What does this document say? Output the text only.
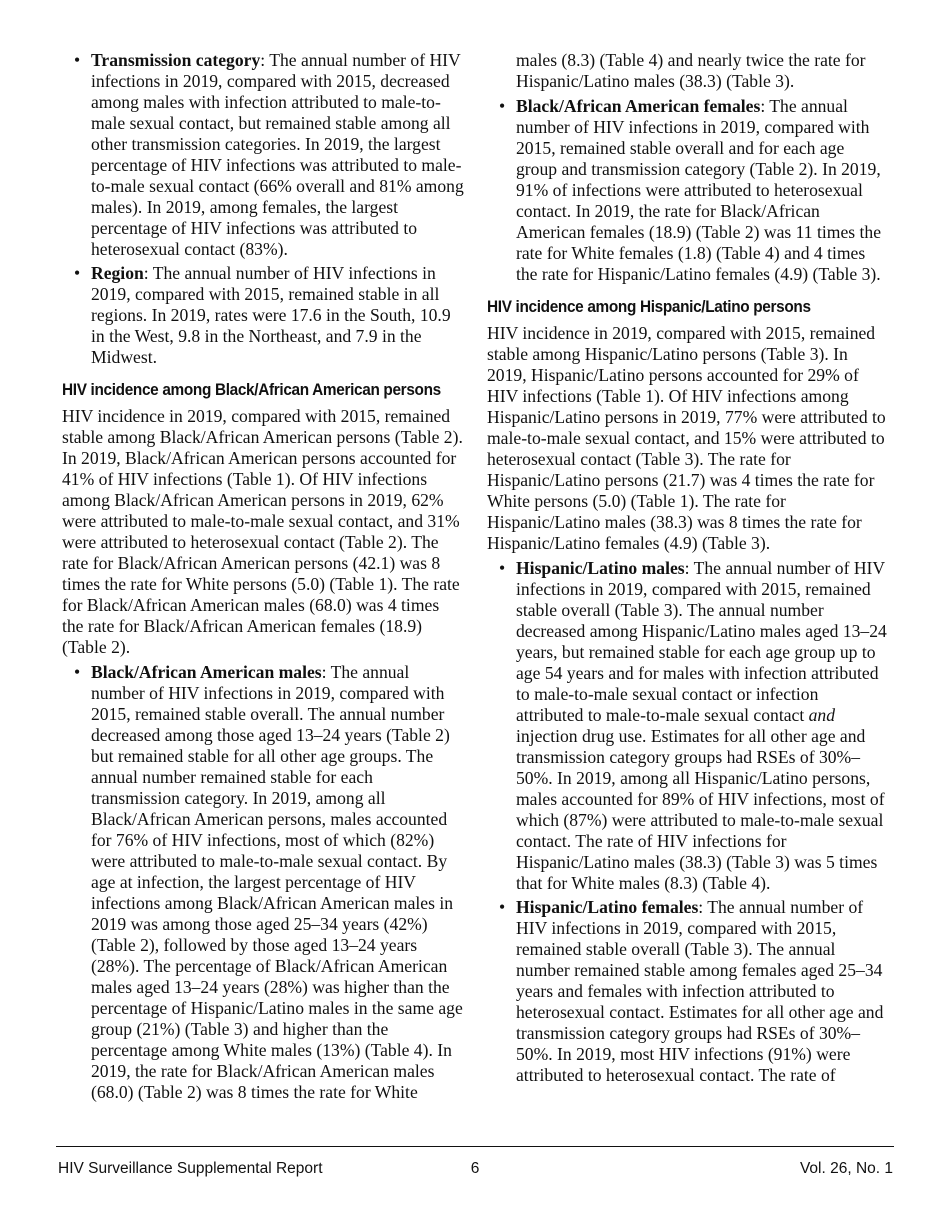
• Transmission category: The annual number of HIV infections in 2019, compared with 2015, decreased among males with infection attributed to male-to-male sexual contact, but remained stable among all other transmission categories. In 2019, the largest percentage of HIV infections was attributed to male-to-male sexual contact (66% overall and 81% among males). In 2019, among females, the largest percentage of HIV infections was attributed to heterosexual contact (83%).
• Region: The annual number of HIV infections in 2019, compared with 2015, remained stable in all regions. In 2019, rates were 17.6 in the South, 10.9 in the West, 9.8 in the Northeast, and 7.9 in the Midwest.
HIV incidence among Black/African American persons

HIV incidence in 2019, compared with 2015, remained stable among Black/African American persons (Table 2). In 2019, Black/African American persons accounted for 41% of HIV infections (Table 1). Of HIV infections among Black/African American persons in 2019, 62% were attributed to male-to-male sexual contact, and 31% were attributed to heterosexual contact (Table 2). The rate for Black/African American persons (42.1) was 8 times the rate for White persons (5.0) (Table 1). The rate for Black/African American males (68.0) was 4 times the rate for Black/African American females (18.9) (Table 2).

• Black/African American males: The annual number of HIV infections in 2019, compared with 2015, remained stable overall. The annual number decreased among those aged 13–24 years (Table 2) but remained stable for all other age groups. The annual number remained stable for each transmission category. In 2019, among all Black/African American persons, males accounted for 76% of HIV infections, most of which (82%) were attributed to male-to-male sexual contact. By age at infection, the largest percentage of HIV infections among Black/African American males in 2019 was among those aged 25–34 years (42%) (Table 2), followed by those aged 13–24 years (28%). The percentage of Black/African American males aged 13–24 years (28%) was higher than the percentage of Hispanic/Latino males in the same age group (21%) (Table 3) and higher than the percentage among White males (13%) (Table 4). In 2019, the rate for Black/African American males (68.0) (Table 2) was 8 times the rate for White

males (8.3) (Table 4) and nearly twice the rate for Hispanic/Latino males (38.3) (Table 3).

• Black/African American females: The annual number of HIV infections in 2019, compared with 2015, remained stable overall and for each age group and transmission category (Table 2). In 2019, 91% of infections were attributed to heterosexual contact. In 2019, the rate for Black/African American females (18.9) (Table 2) was 11 times the rate for White females (1.8) (Table 4) and 4 times the rate for Hispanic/Latino females (4.9) (Table 3).
HIV incidence among Hispanic/Latino persons

HIV incidence in 2019, compared with 2015, remained stable among Hispanic/Latino persons (Table 3). In 2019, Hispanic/Latino persons accounted for 29% of HIV infections (Table 1). Of HIV infections among Hispanic/Latino persons in 2019, 77% were attributed to male-to-male sexual contact, and 15% were attributed to heterosexual contact (Table 3). The rate for Hispanic/Latino persons (21.7) was 4 times the rate for White persons (5.0) (Table 1). The rate for Hispanic/Latino males (38.3) was 8 times the rate for Hispanic/Latino females (4.9) (Table 3).

• Hispanic/Latino males: The annual number of HIV infections in 2019, compared with 2015, remained stable overall (Table 3). The annual number decreased among Hispanic/Latino males aged 13–24 years, but remained stable for each age group up to age 54 years and for males with infection attributed to male-to-male sexual contact or infection attributed to male-to-male sexual contact and injection drug use. Estimates for all other age and transmission category groups had RSEs of 30%–50%. In 2019, among all Hispanic/Latino persons, males accounted for 89% of HIV infections, most of which (87%) were attributed to male-to-male sexual contact. The rate of HIV infections for Hispanic/Latino males (38.3) (Table 3) was 5 times that for White males (8.3) (Table 4).
• Hispanic/Latino females: The annual number of HIV infections in 2019, compared with 2015, remained stable overall (Table 3). The annual number remained stable among females aged 25–34 years and females with infection attributed to heterosexual contact. Estimates for all other age and transmission category groups had RSEs of 30%–50%. In 2019, most HIV infections (91%) were attributed to heterosexual contact. The rate of
HIV Surveillance Supplemental Report	6	Vol. 26, No. 1
